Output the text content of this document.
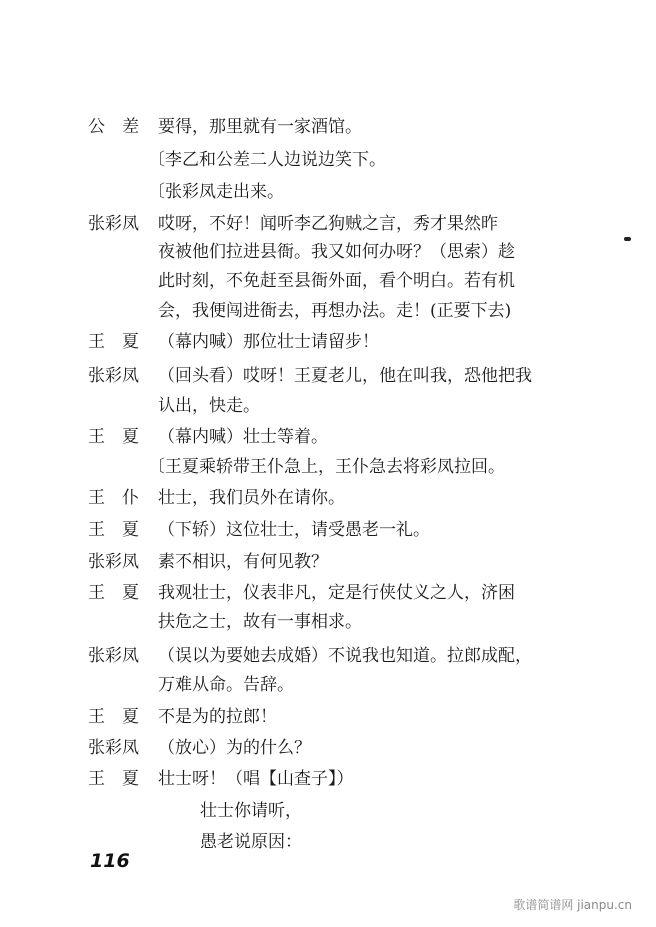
公　差	要得，那里就有一家酒馆。
〔李乙和公差二人边说边笑下。
〔张彩凤走出来。
张彩凤	哎呀，不好！闻听李乙狗贼之言，秀才果然昨
夜被他们拉进县衙。我又如何办呀？（思索）趁
此时刻，不免赶至县衙外面，看个明白。若有机
会，我便闯进衙去，再想办法。走！(正要下去)
王　夏	（幕内喊）那位壮士请留步！
张彩凤	（回头看）哎呀！王夏老儿，他在叫我，恐他把我
认出，快走。
王　夏	（幕内喊）壮士等着。
〔王夏乘轿带王仆急上，王仆急去将彩凤拉回。
王　仆	壮士，我们员外在请你。
王　夏	（下轿）这位壮士，请受愚老一礼。
张彩凤	素不相识，有何见教？
王　夏	我观壮士，仪表非凡，定是行侠仗义之人，济困
扶危之士，故有一事相求。
张彩凤	（误以为要她去成婚）不说我也知道。拉郎成配，
万难从命。告辞。
王　夏	不是为的拉郎！
张彩凤	（放心）为的什么？
王　夏	壮士呀！（唱【山查子】）
壮士你请听，
愚老说原因：
116
歌谱简谱网 jianpu.cn
